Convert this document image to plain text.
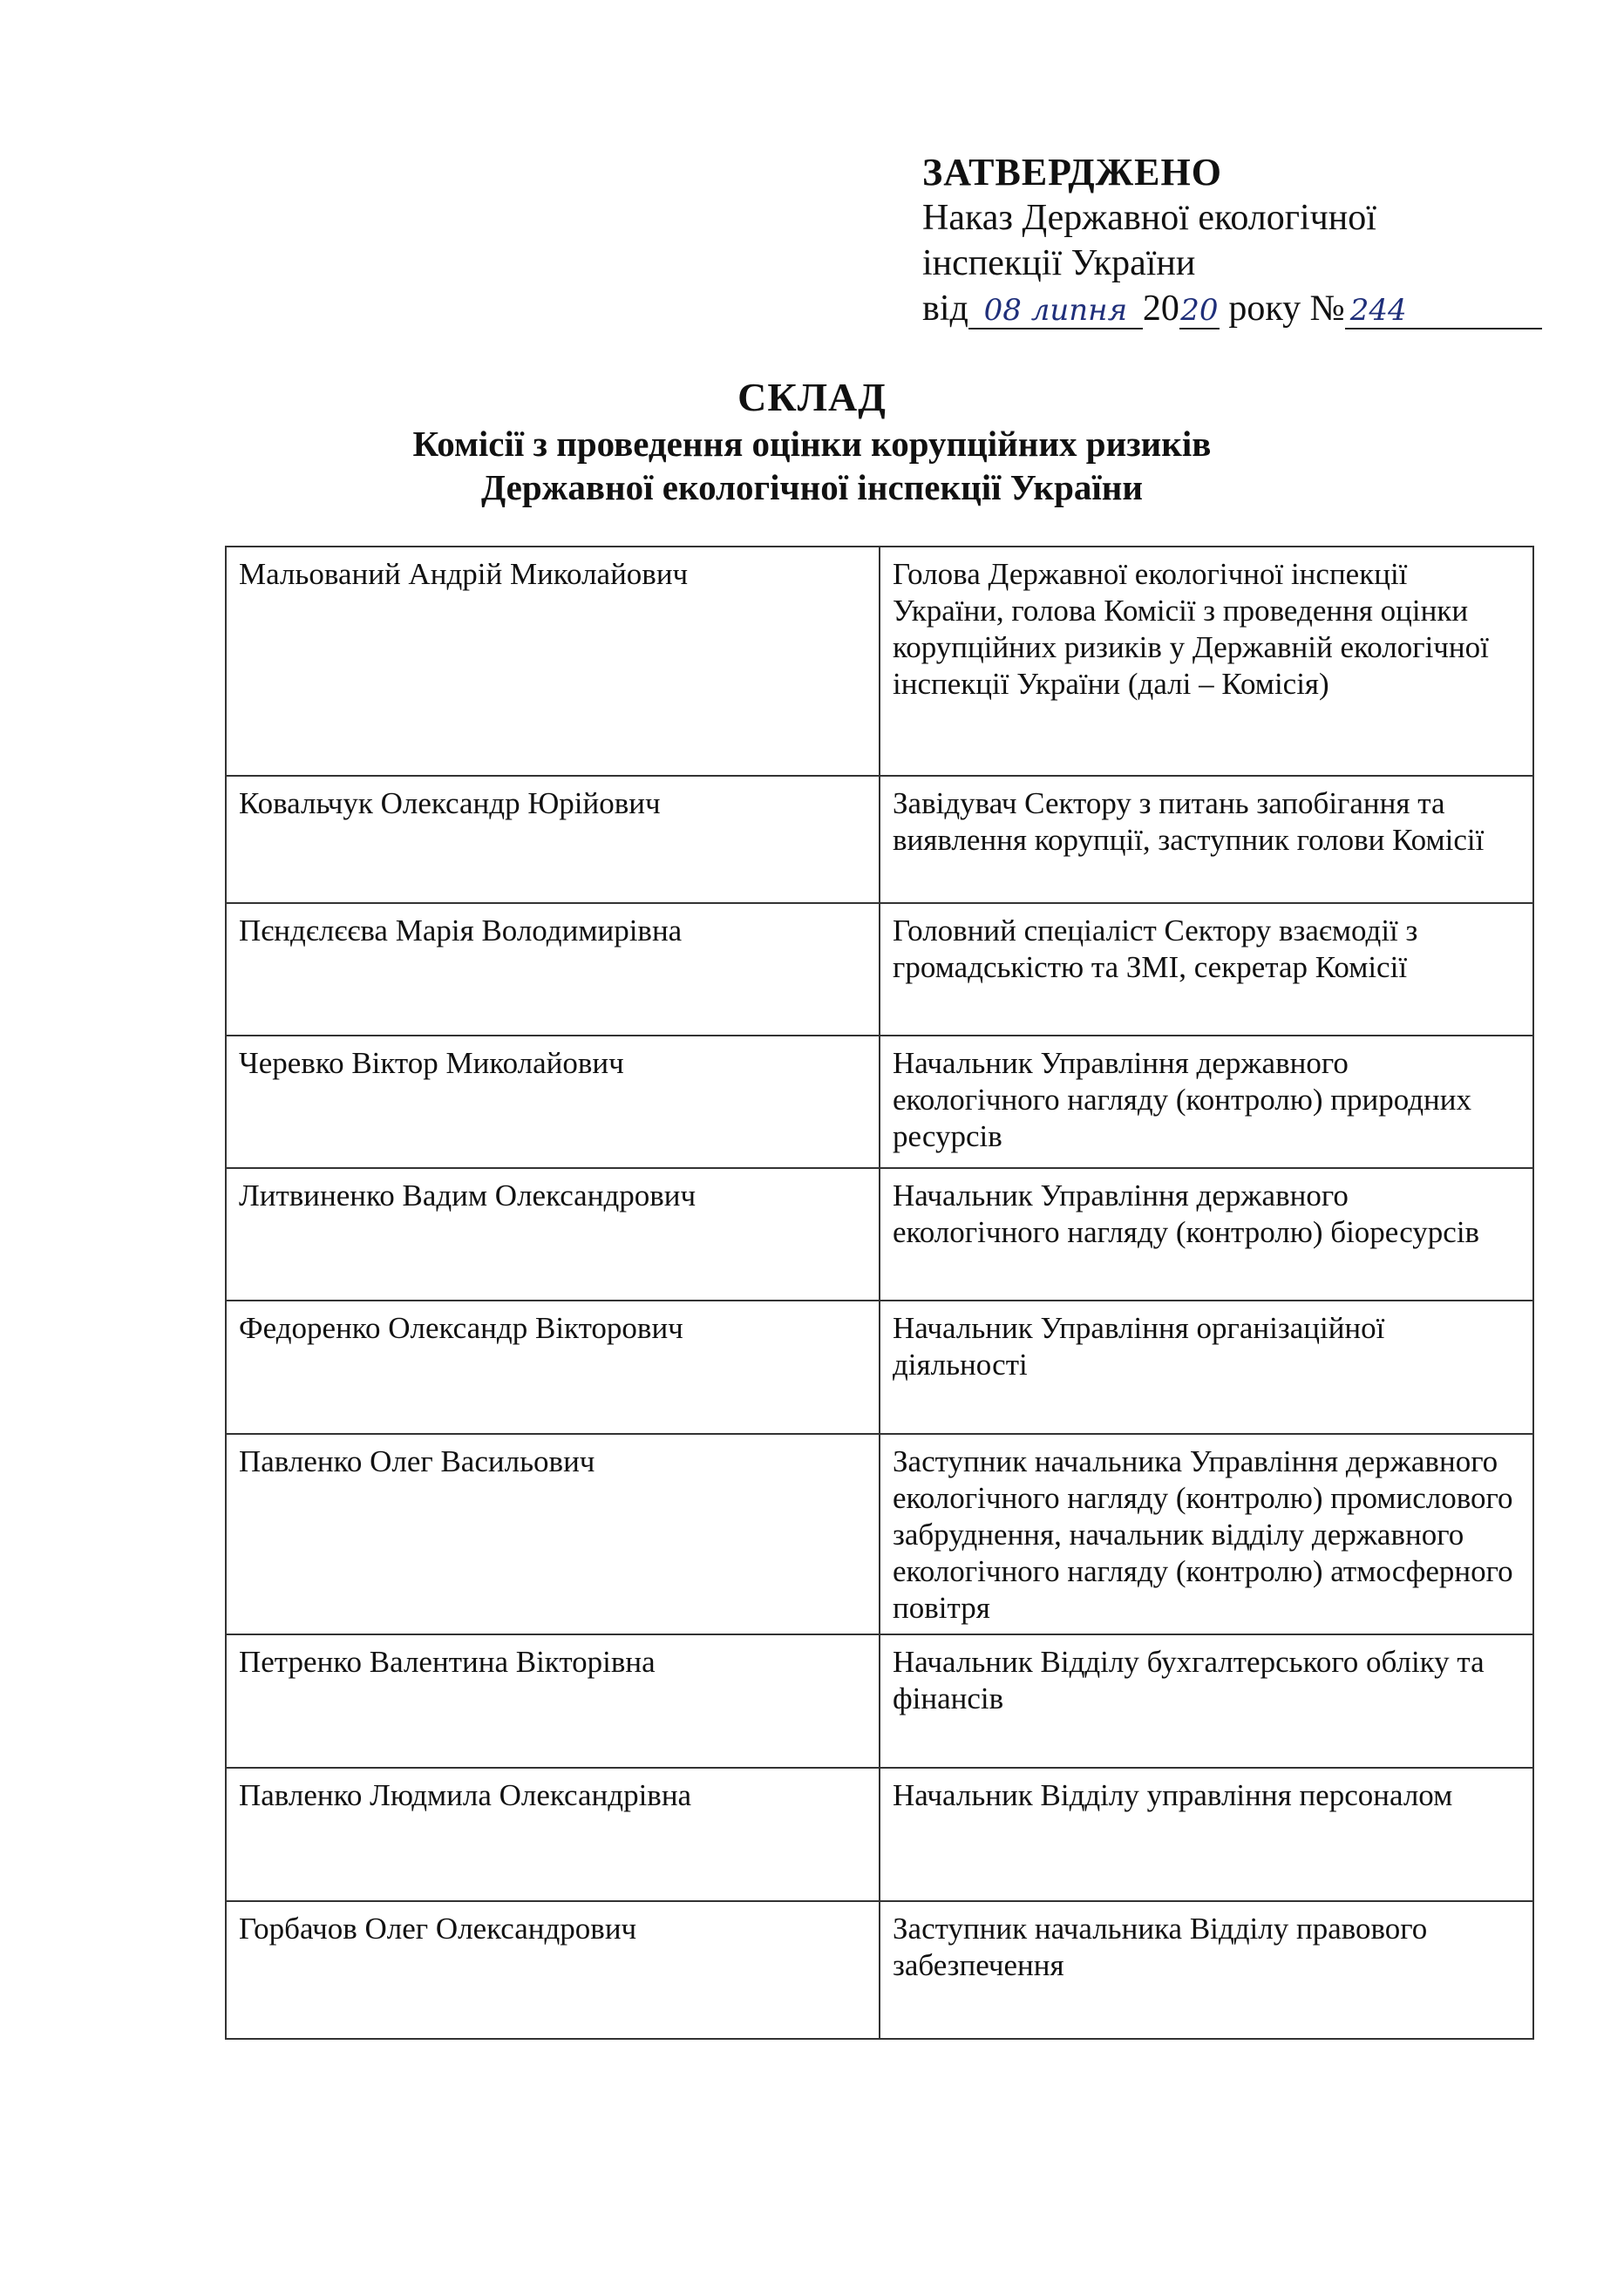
ЗАТВЕРДЖЕНО
Наказ Державної екологічної
інспекції України
від 08 липня 2020 року № 244
СКЛАД
Комісії з проведення оцінки корупційних ризиків
Державної екологічної інспекції України
Мальований Андрій Миколайович	Голова Державної екологічної інспекції України, голова Комісії з проведення оцінки корупційних ризиків у Державній екологічної інспекції України (далі – Комісія)
Ковальчук Олександр Юрійович	Завідувач Сектору з питань запобігання та виявлення корупції, заступник голови Комісії
Пєндєлєєва Марія Володимирівна	Головний спеціаліст Сектору взаємодії з громадськістю та ЗМІ, секретар Комісії
Черевко Віктор Миколайович	Начальник Управління державного екологічного нагляду (контролю) природних ресурсів
Литвиненко Вадим Олександрович	Начальник Управління державного екологічного нагляду (контролю) біоресурсів
Федоренко Олександр Вікторович	Начальник Управління організаційної діяльності
Павленко Олег Васильович	Заступник начальника Управління державного екологічного нагляду (контролю) промислового забруднення, начальник відділу державного екологічного нагляду (контролю) атмосферного повітря
Петренко Валентина Вікторівна	Начальник Відділу бухгалтерського обліку та фінансів
Павленко Людмила Олександрівна	Начальник Відділу управління персоналом
Горбачов Олег Олександрович	Заступник начальника Відділу правового забезпечення
